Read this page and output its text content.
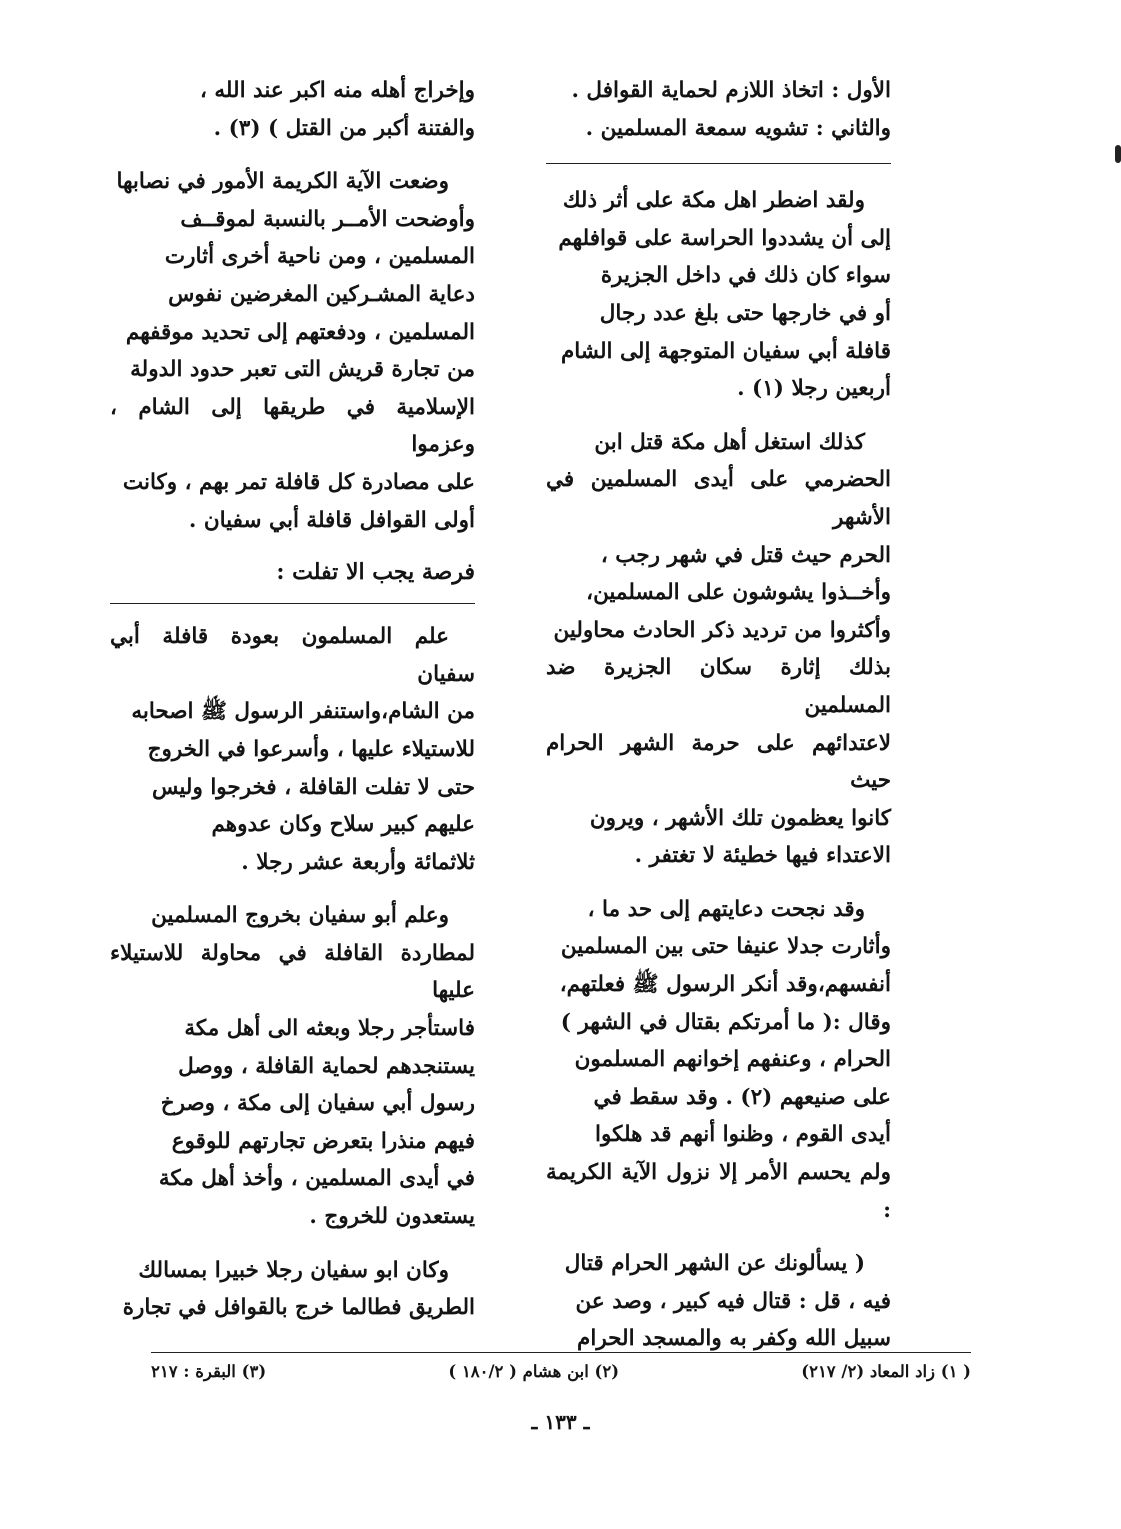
الأول : اتخاذ اللازم لحماية القوافل .

والثاني : تشويه سمعة المسلمين .

ولقد اضطر اهل مكة على أثر ذلك

إلى أن يشددوا الحراسة على قوافلهم

سواء كان ذلك في داخل الجزيرة

أو في خارجها حتى بلغ عدد رجال

قافلة أبي سفيان المتوجهة إلى الشام

أربعين رجلا (١) .

كذلك استغل أهل مكة قتل ابن

الحضرمي على أيدى المسلمين في الأشهر

الحرم حيث قتل في شهر رجب ،

وأخــذوا يشوشون على المسلمين،

وأكثروا من ترديد ذكر الحادث محاولين

بذلك إثارة سكان الجزيرة ضد المسلمين

لاعتدائهم على حرمة الشهر الحرام حيث

كانوا يعظمون تلك الأشهر ، ويرون

الاعتداء فيها خطيئة لا تغتفر .

وقد نجحت دعايتهم إلى حد ما ،

وأثارت جدلا عنيفا حتى بين المسلمين

أنفسهم،وقد أنكر الرسول ﷺ فعلتهم،

وقال :( ما أمرتكم بقتال في الشهر )

الحرام ، وعنفهم إخوانهم المسلمون

على صنيعهم (٢) . وقد سقط في

أيدى القوم ، وظنوا أنهم قد هلكوا

ولم يحسم الأمر إلا نزول الآية الكريمة :

( يسألونك عن الشهر الحرام قتال

فيه ، قل : قتال فيه كبير ، وصد عن

سبيل الله وكفر به والمسجد الحرام

وإخراج أهله منه اكبر عند الله ،

والفتنة أكبر من القتل ) (٣) .

وضعت الآية الكريمة الأمور في نصابها

وأوضحت الأمــر بالنسبة لموقــف

المسلمين ، ومن ناحية أخرى أثارت

دعاية المشـركين المغرضين نفوس

المسلمين ، ودفعتهم إلى تحديد موقفهم

من تجارة قريش التى تعبر حدود الدولة

الإسلامية في طريقها إلى الشام ، وعزموا

على مصادرة كل قافلة تمر بهم ، وكانت

أولى القوافل قافلة أبي سفيان .

فرصة يجب الا تفلت :

علم المسلمون بعودة قافلة أبي سفيان

من الشام،واستنفر الرسول ﷺ اصحابه

للاستيلاء عليها ، وأسرعوا في الخروج

حتى لا تفلت القافلة ، فخرجوا وليس

عليهم كبير سلاح وكان عدوهم

ثلاثمائة وأربعة عشر رجلا .

وعلم أبو سفيان بخروج المسلمين

لمطاردة القافلة في محاولة للاستيلاء عليها

فاستأجر رجلا وبعثه الى أهل مكة

يستنجدهم لحماية القافلة ، ووصل

رسول أبي سفيان إلى مكة ، وصرخ

فيهم منذرا بتعرض تجارتهم للوقوع

في أيدى المسلمين ، وأخذ أهل مكة

يستعدون للخروج .

وكان ابو سفيان رجلا خبيرا بمسالك

الطريق فطالما خرج بالقوافل في تجارة

( ١) زاد المعاد (٢/ ٢١٧)
(٢) ابن هشام ( ١٨٠/٢ )
(٣) البقرة : ٢١٧
ـ ١٣٣ ـ
